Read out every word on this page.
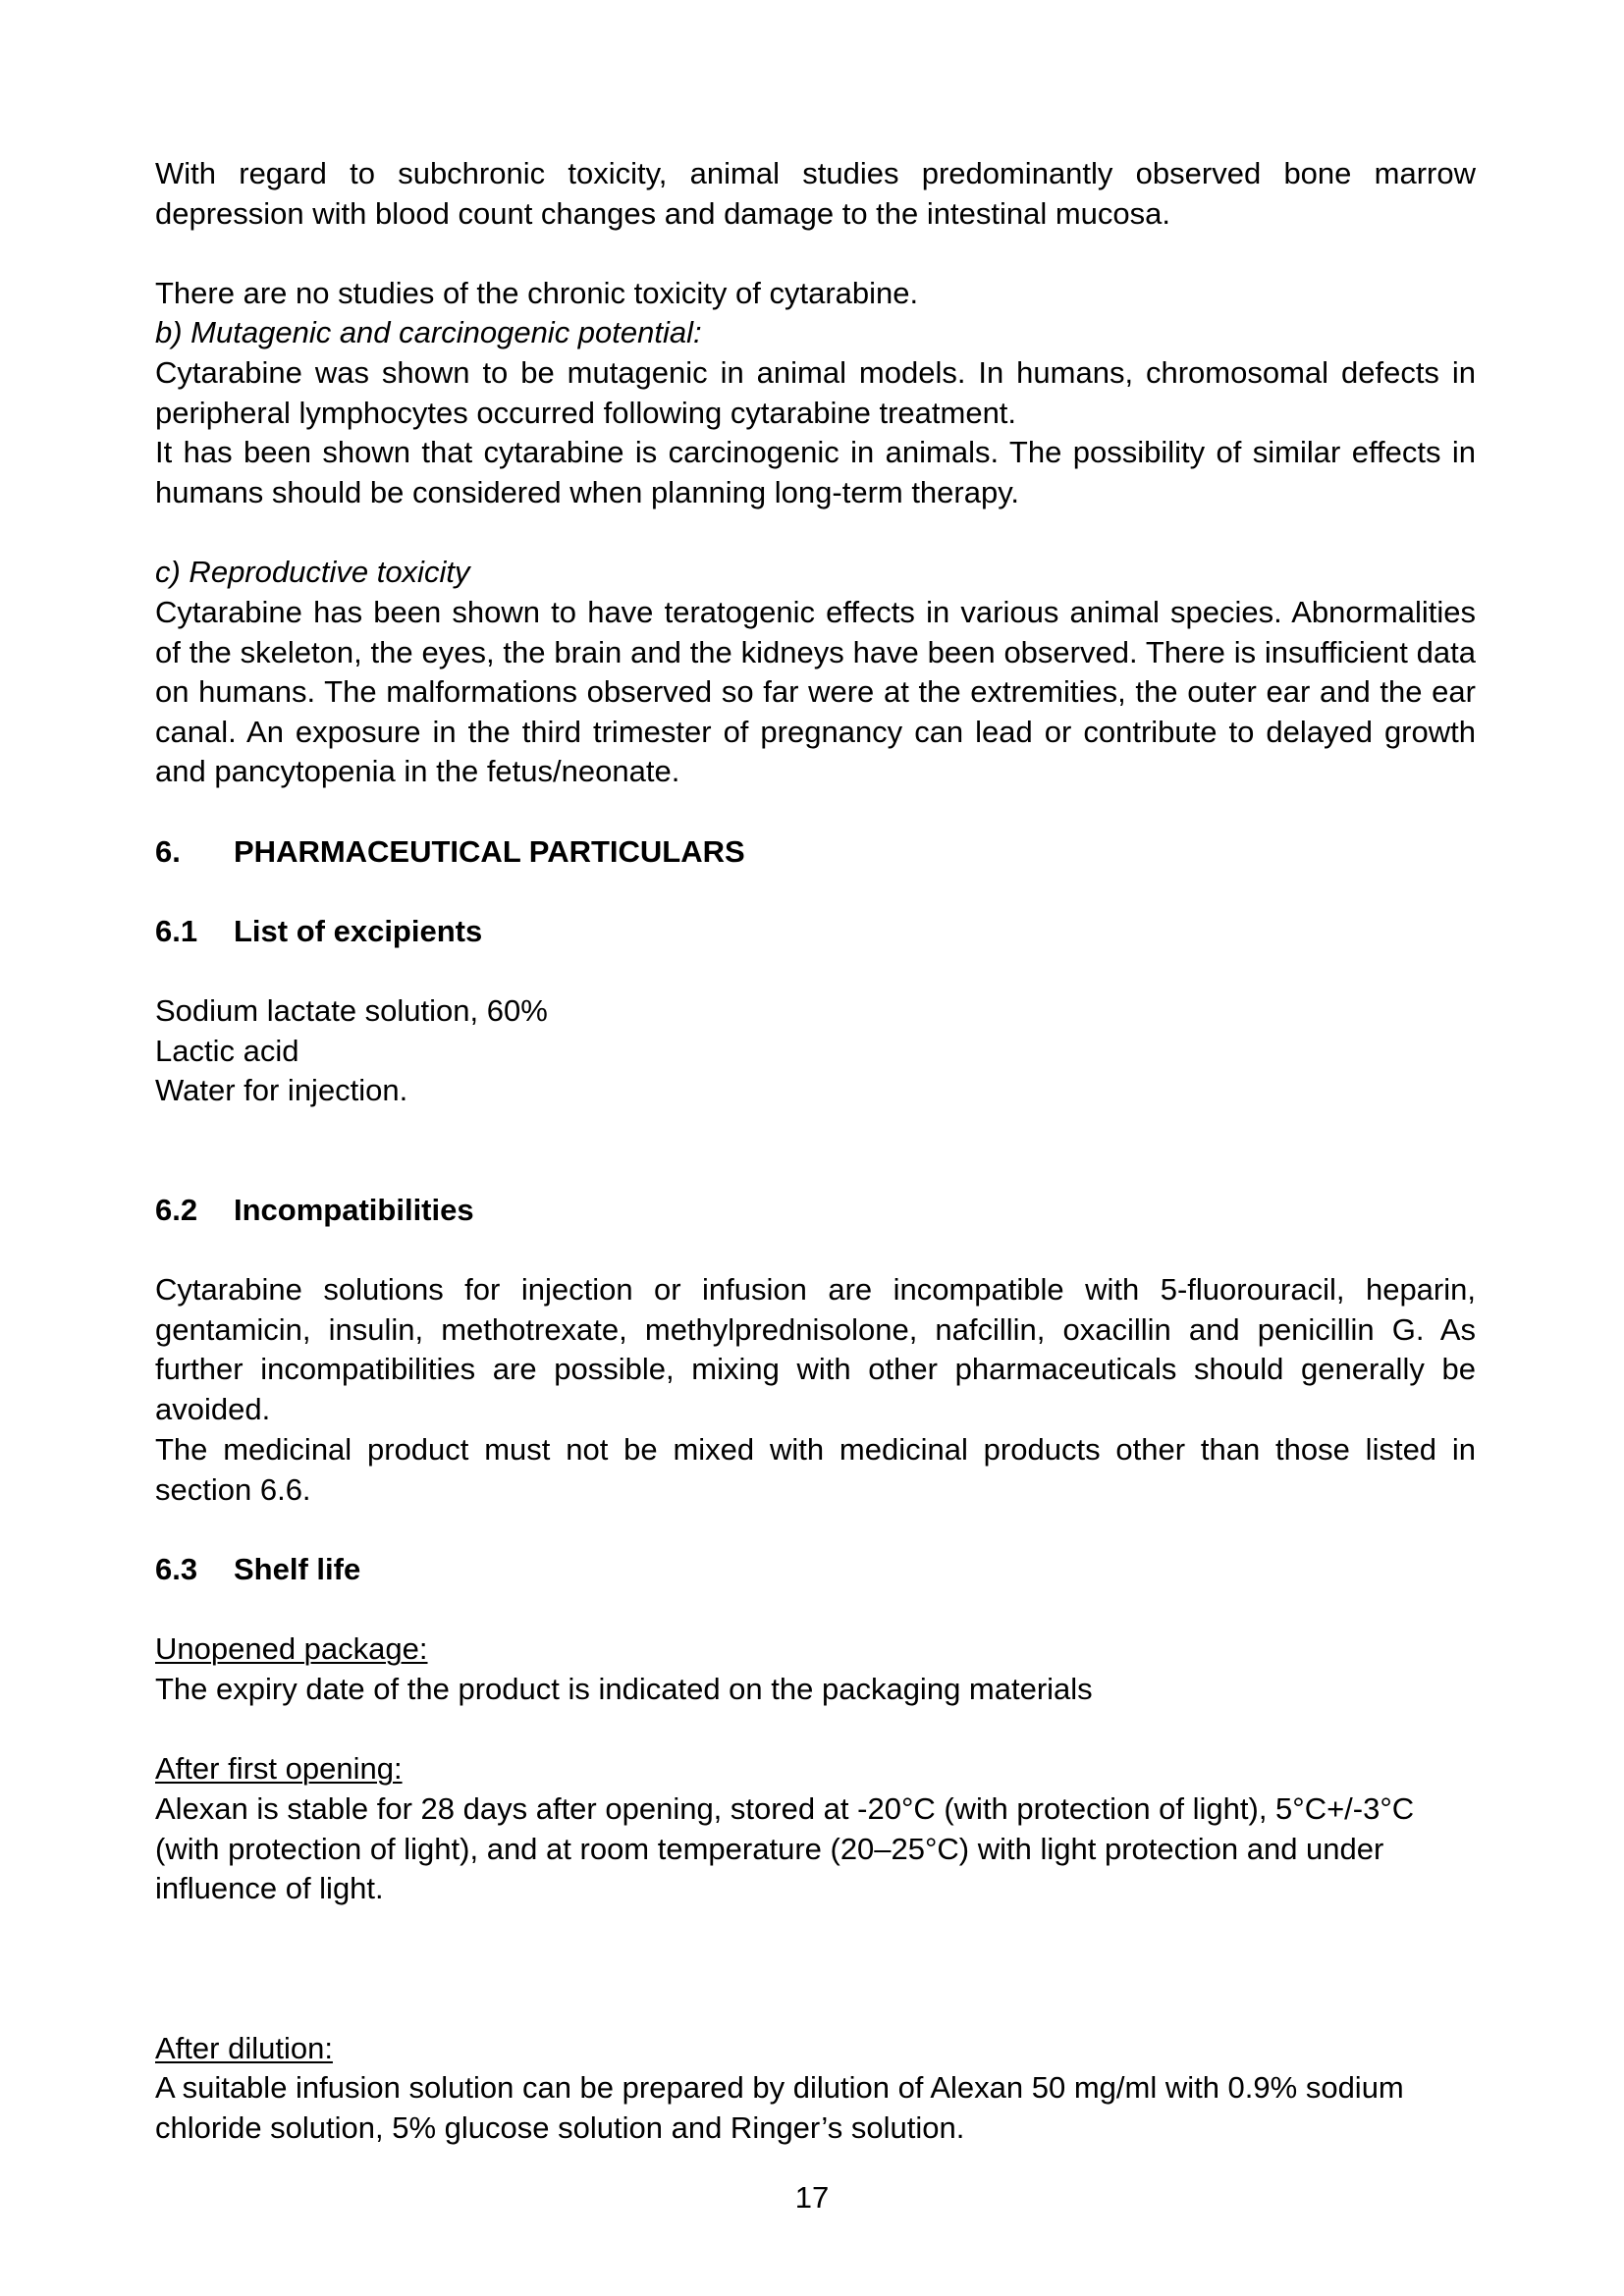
With regard to subchronic toxicity, animal studies predominantly observed bone marrow depression with blood count changes and damage to the intestinal mucosa.

There are no studies of the chronic toxicity of cytarabine.

b) Mutagenic and carcinogenic potential:

Cytarabine was shown to be mutagenic in animal models. In humans, chromosomal defects in peripheral lymphocytes occurred following cytarabine treatment.

It has been shown that cytarabine is carcinogenic in animals. The possibility of similar effects in humans should be considered when planning long-term therapy.

c) Reproductive toxicity

Cytarabine has been shown to have teratogenic effects in various animal species. Abnormalities of the skeleton, the eyes, the brain and the kidneys have been observed. There is insufficient data on humans. The malformations observed so far were at the extremities, the outer ear and the ear canal. An exposure in the third trimester of pregnancy can lead or contribute to delayed growth and pancytopenia in the fetus/neonate.

6. PHARMACEUTICAL PARTICULARS

6.1 List of excipients

Sodium lactate solution, 60%

Lactic acid

Water for injection.

6.2 Incompatibilities

Cytarabine solutions for injection or infusion are incompatible with 5-fluorouracil, heparin, gentamicin, insulin, methotrexate, methylprednisolone, nafcillin, oxacillin and penicillin G. As further incompatibilities are possible, mixing with other pharmaceuticals should generally be avoided.

The medicinal product must not be mixed with medicinal products other than those listed in section 6.6.

6.3 Shelf life

Unopened package:

The expiry date of the product is indicated on the packaging materials

After first opening:

Alexan is stable for 28 days after opening, stored at -20°C (with protection of light), 5°C+/-3°C (with protection of light), and at room temperature (20–25°C) with light protection and under influence of light.

After dilution:

A suitable infusion solution can be prepared by dilution of Alexan 50 mg/ml with 0.9% sodium chloride solution, 5% glucose solution and Ringer’s solution.

17
